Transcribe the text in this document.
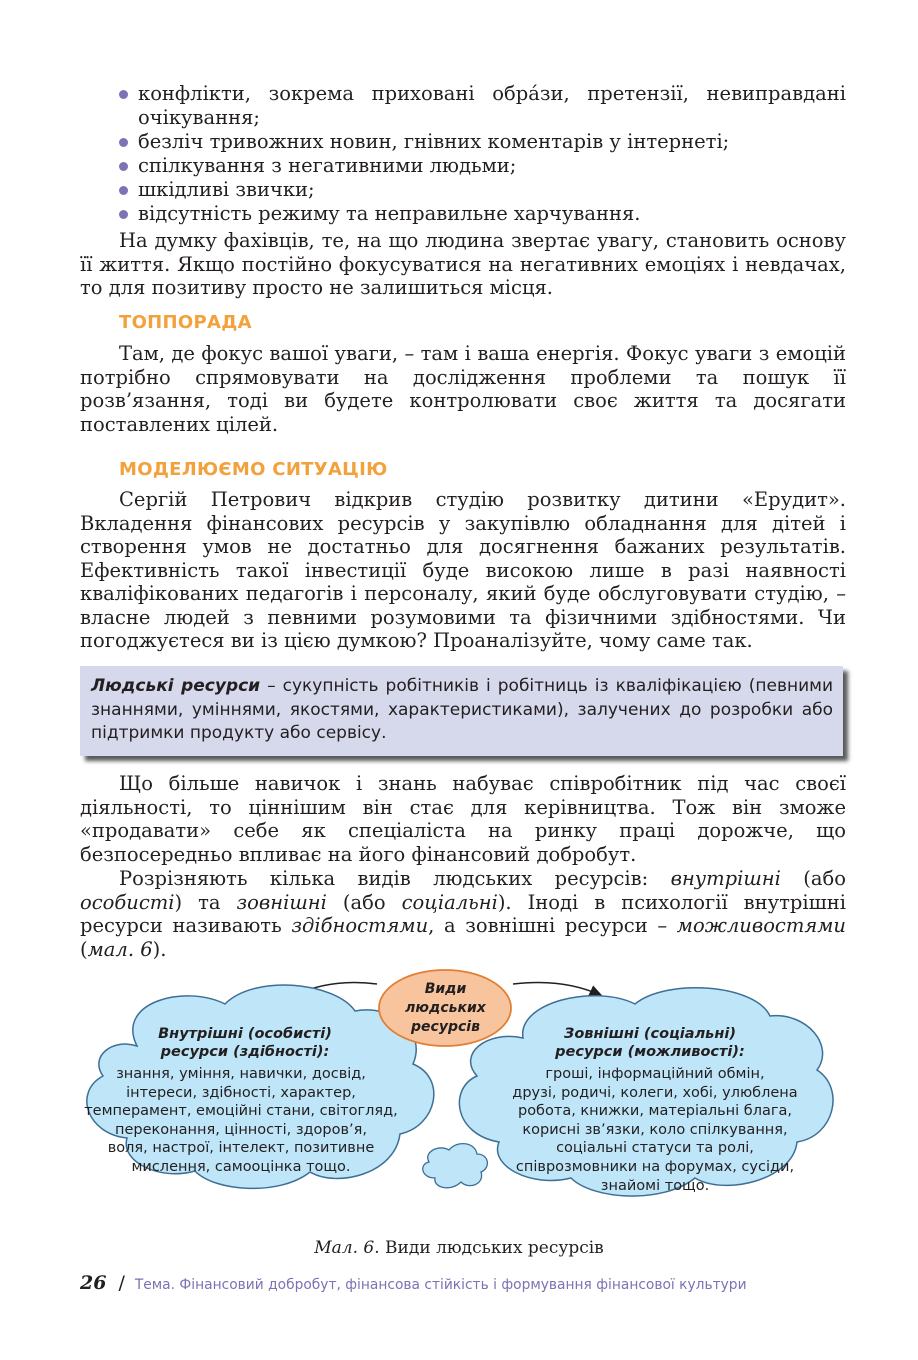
конфлікти, зокрема приховані обра́зи, претензії, невиправдані очікування;
безліч тривожних новин, гнівних коментарів у інтернеті;
спілкування з негативними людьми;
шкідливі звички;
відсутність режиму та неправильне харчування.

На думку фахівців, те, на що людина звертає увагу, становить основу її життя. Якщо постійно фокусуватися на негативних емоціях і невдачах, то для позитиву просто не залишиться місця.

ТОППОРАДА

Там, де фокус вашої уваги, – там і ваша енергія. Фокус уваги з емоцій потрібно спрямовувати на дослідження проблеми та пошук її розв’язання, тоді ви будете контролювати своє життя та досягати поставлених цілей.

МОДЕЛЮЄМО СИТУАЦІЮ

Сергій Петрович відкрив студію розвитку дитини «Ерудит». Вкладення фінансових ресурсів у закупівлю обладнання для дітей і створення умов не достатньо для досягнення бажаних результатів. Ефективність такої інвестиції буде високою лише в разі наявності кваліфікованих педагогів і персоналу, який буде обслуговувати студію, – власне людей з певними розумовими та фізичними здібностями. Чи погоджуєтеся ви із цією думкою? Проаналізуйте, чому саме так.

Людські ресурси – сукупність робітників і робітниць із кваліфікацією (певними знаннями, уміннями, якостями, характеристиками), залучених до розробки або підтримки продукту або сервісу.

Що більше навичок і знань набуває співробітник під час своєї діяльності, то ціннішим він стає для керівництва. Тож він зможе «продавати» себе як спеціаліста на ринку праці дорожче, що безпосередньо впливає на його фінансовий добробут.

Розрізняють кілька видів людських ресурсів: внутрішні (або особисті) та зовнішні (або соціальні). Іноді в психології внутрішні ресурси називають здібностями, а зовнішні ресурси – можливостями (мал. 6).

Види
людських
ресурсів
Внутрішні (особисті)
ресурси (здібності):
знання, уміння, навички, досвід,
інтереси, здібності, характер,
темперамент, емоційні стани, світогляд,
переконання, цінності, здоров’я,
воля, настрої, інтелект, позитивне
мислення, самооцінка тощо.
Зовнішні (соціальні)
ресурси (можливості):
гроші, інформаційний обмін,
друзі, родичі, колеги, хобі, улюблена
робота, книжки, матеріальні блага,
корисні зв’язки, коло спілкування,
соціальні статуси та ролі,
співрозмовники на форумах, сусіди,
знайомі тощо.
Мал. 6. Види людських ресурсів
26 / Тема. Фінансовий добробут, фінансова стійкість і формування фінансової культури
